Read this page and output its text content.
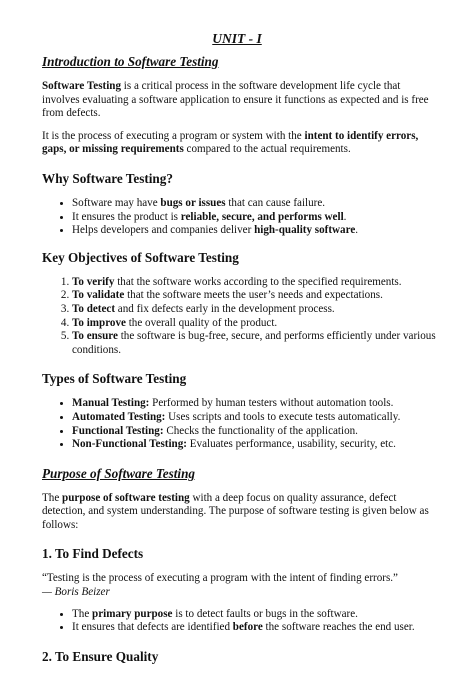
UNIT - I
Introduction to Software Testing

Software Testing is a critical process in the software development life cycle that involves evaluating a software application to ensure it functions as expected and is free from defects.

It is the process of executing a program or system with the intent to identify errors, gaps, or missing requirements compared to the actual requirements.

Why Software Testing?
• Software may have bugs or issues that can cause failure.
• It ensures the product is reliable, secure, and performs well.
• Helps developers and companies deliver high-quality software.
Key Objectives of Software Testing
1. To verify that the software works according to the specified requirements.
2. To validate that the software meets the user’s needs and expectations.
3. To detect and fix defects early in the development process.
4. To improve the overall quality of the product.
5. To ensure the software is bug-free, secure, and performs efficiently under various conditions.
Types of Software Testing
• Manual Testing: Performed by human testers without automation tools.
• Automated Testing: Uses scripts and tools to execute tests automatically.
• Functional Testing: Checks the functionality of the application.
• Non-Functional Testing: Evaluates performance, usability, security, etc.
Purpose of Software Testing

The purpose of software testing with a deep focus on quality assurance, defect detection, and system understanding. The purpose of software testing is given below as follows:

1. To Find Defects

“Testing is the process of executing a program with the intent of finding errors.”
— Boris Beizer

• The primary purpose is to detect faults or bugs in the software.
• It ensures that defects are identified before the software reaches the end user.
2. To Ensure Quality
